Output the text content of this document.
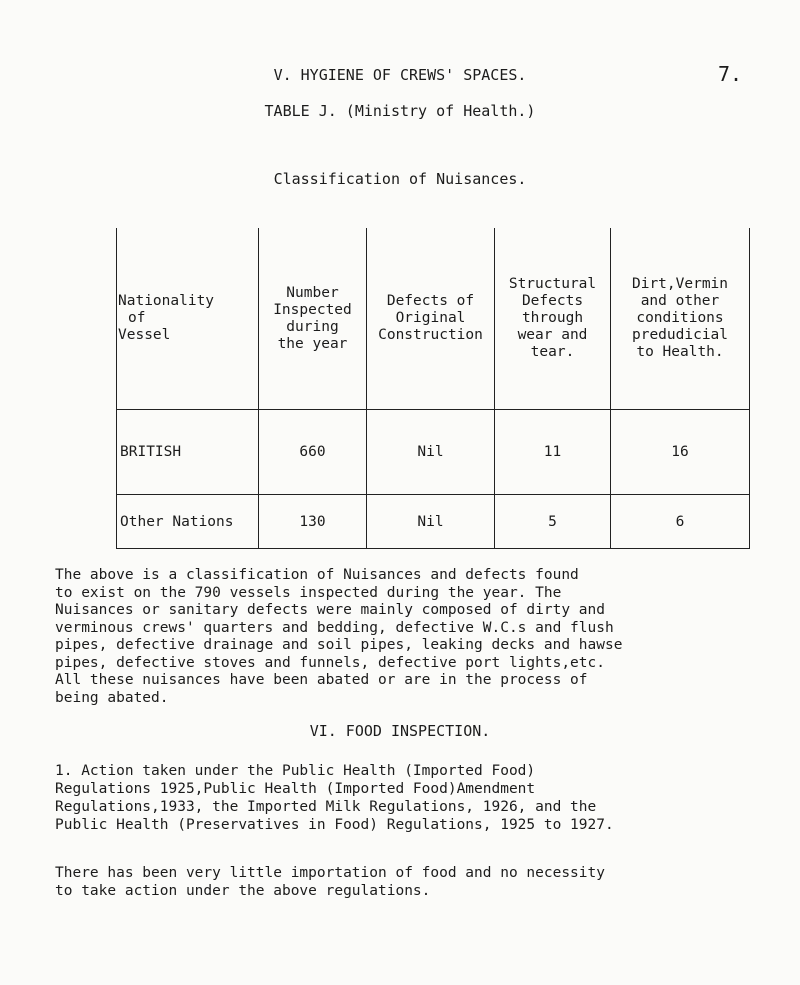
V. HYGIENE OF CREWS' SPACES.	7.
TABLE J. (Ministry of Health.)
Classification of Nuisances.
Nationality
of
Vessel	Number
Inspected
during
the year	Defects of
Original
Construction	Structural
Defects
through
wear and
tear.	Dirt,Vermin
and other
conditions
predudicial
to Health.

BRITISH	660	Nil	11	16
Other Nations	130	Nil	5	6
The above is a classification of Nuisances and defects found
to exist on the 790 vessels inspected during the year. The
Nuisances or sanitary defects were mainly composed of dirty and
verminous crews' quarters and bedding, defective W.C.s and flush
pipes, defective drainage and soil pipes, leaking decks and hawse
pipes, defective stoves and funnels, defective port lights,etc.
All these nuisances have been abated or are in the process of
being abated.
VI. FOOD INSPECTION.
1. Action taken under the Public Health (Imported Food)
Regulations 1925,Public Health (Imported Food)Amendment
Regulations,1933, the Imported Milk Regulations, 1926, and the
Public Health (Preservatives in Food) Regulations, 1925 to 1927.
There has been very little importation of food and no necessity
to take action under the above regulations.
